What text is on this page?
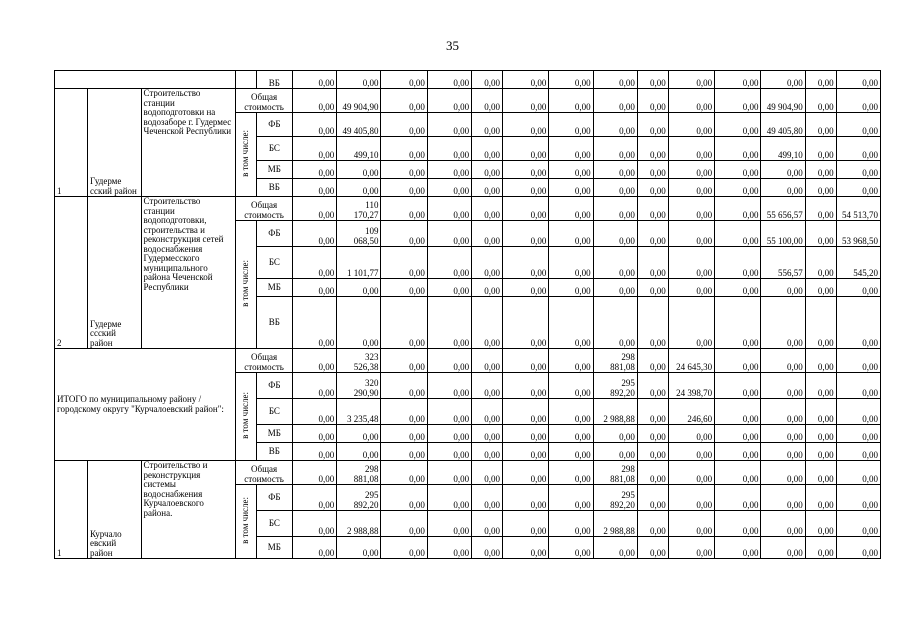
35
				ВБ	0,00	0,00	0,00	0,00	0,00	0,00	0,00	0,00	0,00	0,00	0,00	0,00	0,00	0,00
1	Гудерме сский район	Строительство станции водоподготовки на водозаборе г. Гудермес Чеченской Республики	Общая стоимость		0,00	49 904,90	0,00	0,00	0,00	0,00	0,00	0,00	0,00	0,00	0,00	49 904,90	0,00	0,00
			в том числе:	ФБ	0,00	49 405,80	0,00	0,00	0,00	0,00	0,00	0,00	0,00	0,00	0,00	49 405,80	0,00	0,00
				БС	0,00	499,10	0,00	0,00	0,00	0,00	0,00	0,00	0,00	0,00	0,00	499,10	0,00	0,00
				МБ	0,00	0,00	0,00	0,00	0,00	0,00	0,00	0,00	0,00	0,00	0,00	0,00	0,00	0,00
				ВБ	0,00	0,00	0,00	0,00	0,00	0,00	0,00	0,00	0,00	0,00	0,00	0,00	0,00	0,00
2	Гудерме ссский район	Строительство станции водоподготовки, строительства и реконструкция сетей водоснабжения Гудермесского муниципального района Чеченской Республики	Общая стоимость		0,00	110 170,27	0,00	0,00	0,00	0,00	0,00	0,00	0,00	0,00	0,00	55 656,57	0,00	54 513,70
			в том числе:	ФБ	0,00	109 068,50	0,00	0,00	0,00	0,00	0,00	0,00	0,00	0,00	0,00	55 100,00	0,00	53 968,50
				БС	0,00	1 101,77	0,00	0,00	0,00	0,00	0,00	0,00	0,00	0,00	0,00	556,57	0,00	545,20
				МБ	0,00	0,00	0,00	0,00	0,00	0,00	0,00	0,00	0,00	0,00	0,00	0,00	0,00	0,00
				ВБ	0,00	0,00	0,00	0,00	0,00	0,00	0,00	0,00	0,00	0,00	0,00	0,00	0,00	0,00
ИТОГО по муниципальному району / городскому округу "Курчалоевский район":			Общая стоимость		0,00	323 526,38	0,00	0,00	0,00	0,00	0,00	298 881,08	0,00	24 645,30	0,00	0,00	0,00	0,00
			в том числе:	ФБ	0,00	320 290,90	0,00	0,00	0,00	0,00	0,00	295 892,20	0,00	24 398,70	0,00	0,00	0,00	0,00
				БС	0,00	3 235,48	0,00	0,00	0,00	0,00	0,00	2 988,88	0,00	246,60	0,00	0,00	0,00	0,00
				МБ	0,00	0,00	0,00	0,00	0,00	0,00	0,00	0,00	0,00	0,00	0,00	0,00	0,00	0,00
				ВБ	0,00	0,00	0,00	0,00	0,00	0,00	0,00	0,00	0,00	0,00	0,00	0,00	0,00	0,00
1	Курчало евский район	Строительство и реконструкция системы водоснабжения Курчалоевского района.	Общая стоимость		0,00	298 881,08	0,00	0,00	0,00	0,00	0,00	298 881,08	0,00	0,00	0,00	0,00	0,00	0,00
			в том числе:	ФБ	0,00	295 892,20	0,00	0,00	0,00	0,00	0,00	295 892,20	0,00	0,00	0,00	0,00	0,00	0,00
				БС	0,00	2 988,88	0,00	0,00	0,00	0,00	0,00	2 988,88	0,00	0,00	0,00	0,00	0,00	0,00
				МБ	0,00	0,00	0,00	0,00	0,00	0,00	0,00	0,00	0,00	0,00	0,00	0,00	0,00	0,00
